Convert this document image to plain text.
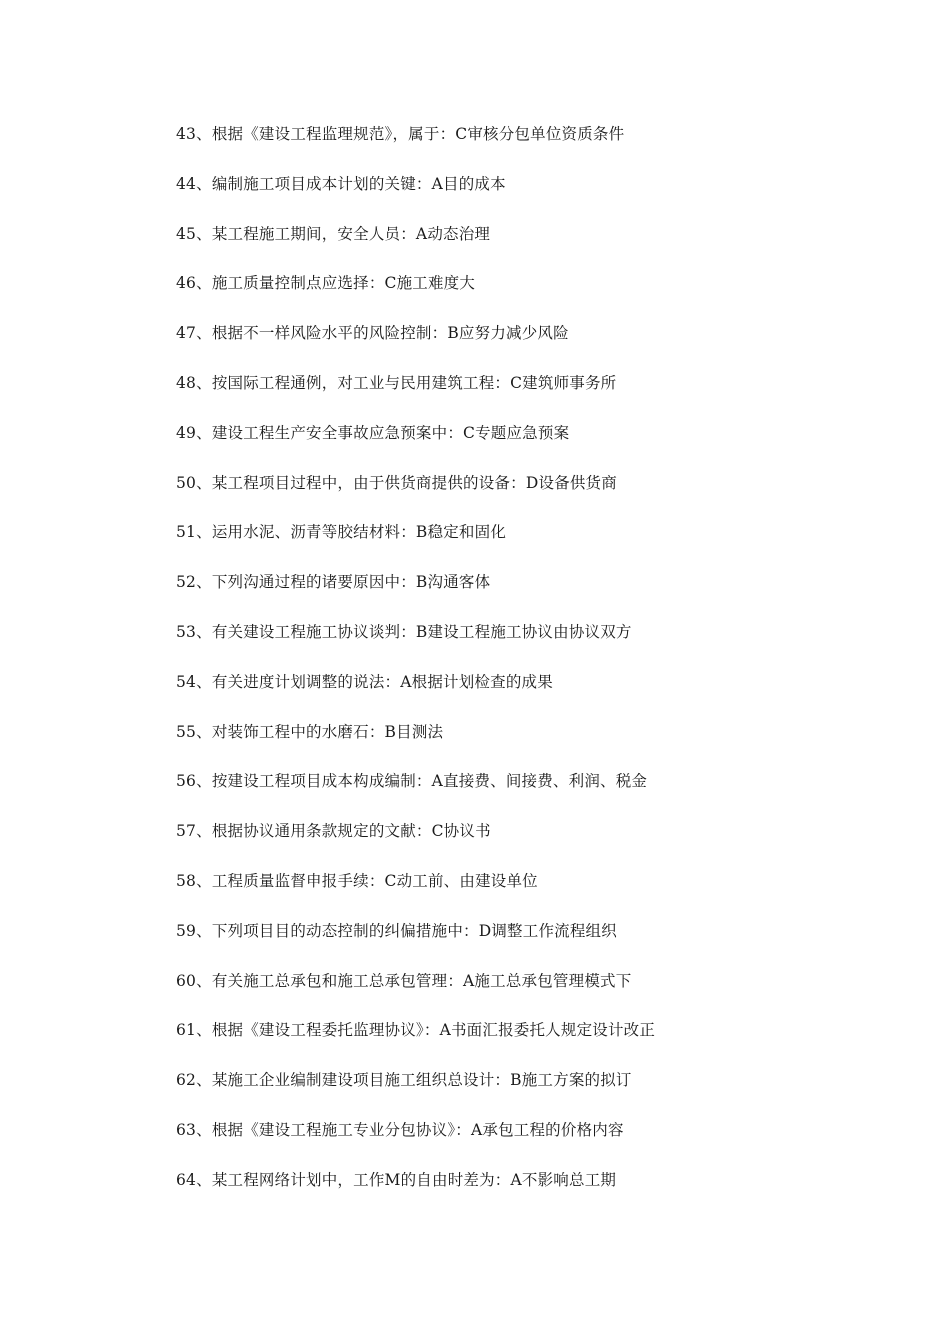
43、根据《建设工程监理规范》，属于：C审核分包单位资质条件
44、编制施工项目成本计划的关键：A目的成本
45、某工程施工期间，安全人员：A动态治理
46、施工质量控制点应选择：C施工难度大
47、根据不一样风险水平的风险控制：B应努力减少风险
48、按国际工程通例，对工业与民用建筑工程：C建筑师事务所
49、建设工程生产安全事故应急预案中：C专题应急预案
50、某工程项目过程中，由于供货商提供的设备：D设备供货商
51、运用水泥、沥青等胶结材料：B稳定和固化
52、下列沟通过程的诸要原因中：B沟通客体
53、有关建设工程施工协议谈判：B建设工程施工协议由协议双方
54、有关进度计划调整的说法：A根据计划检查的成果
55、对装饰工程中的水磨石：B目测法
56、按建设工程项目成本构成编制：A直接费、间接费、利润、税金
57、根据协议通用条款规定的文献：C协议书
58、工程质量监督申报手续：C动工前、由建设单位
59、下列项目目的动态控制的纠偏措施中：D调整工作流程组织
60、有关施工总承包和施工总承包管理：A施工总承包管理模式下
61、根据《建设工程委托监理协议》：A书面汇报委托人规定设计改正
62、某施工企业编制建设项目施工组织总设计：B施工方案的拟订
63、根据《建设工程施工专业分包协议》：A承包工程的价格内容
64、某工程网络计划中，工作M的自由时差为：A不影响总工期
